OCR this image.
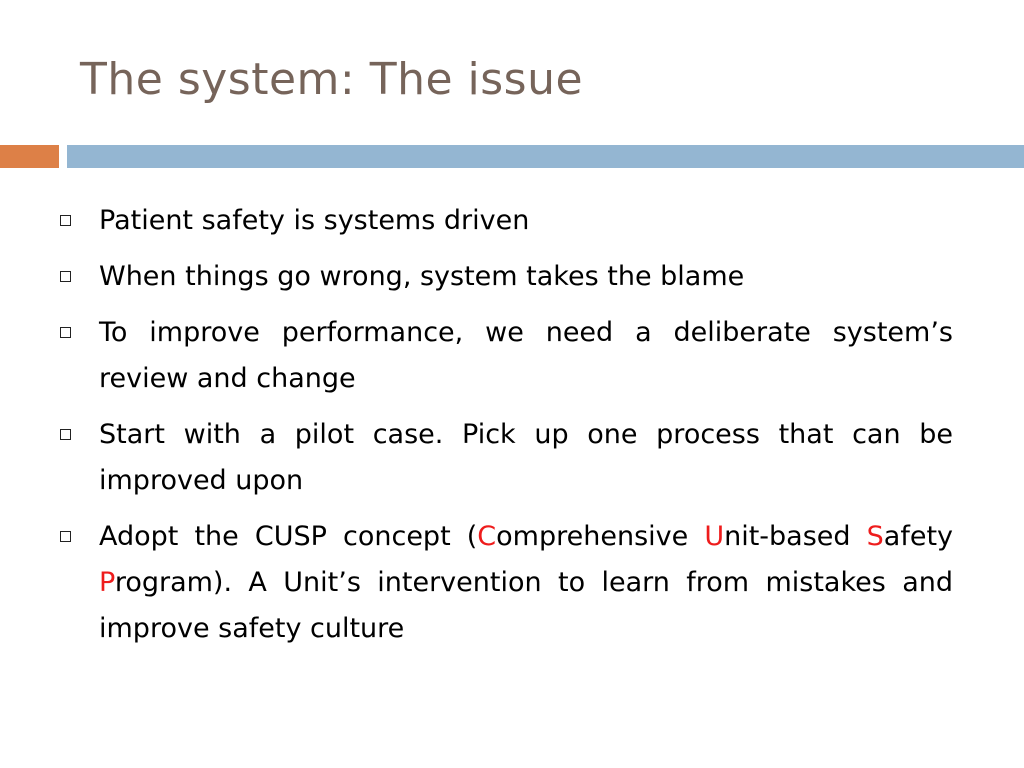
The system: The issue
Patient safety is systems driven
When things go wrong, system takes the blame
To improve performance, we need a deliberate system’s review and change
Start with a pilot case. Pick up one process that can be improved upon
Adopt the CUSP concept (Comprehensive Unit-based Safety Program). A Unit’s intervention to learn from mistakes and improve safety culture
